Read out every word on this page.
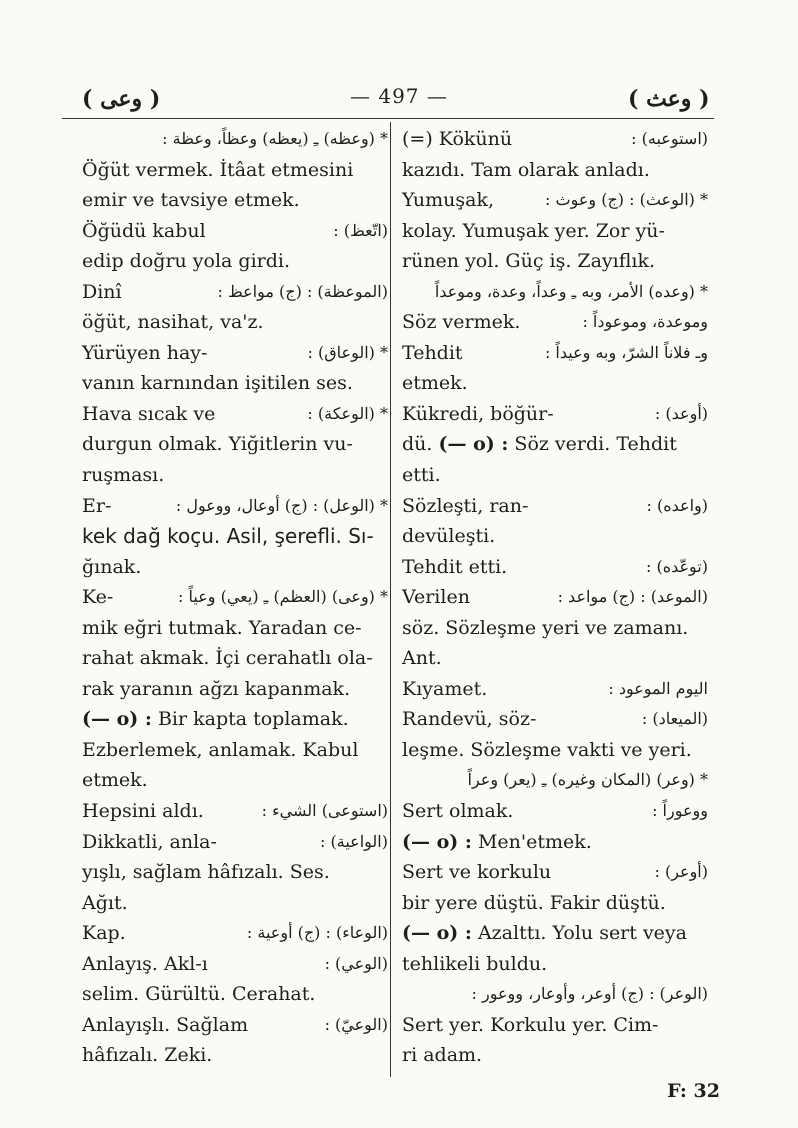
( وعى )	— 497 —	( وعث )
* (وعظه) ـِ (يعظه) وعظاً، وعظة :
Öğüt vermek. İtâat etmesini
emir ve tavsiye etmek.
Öğüdü kabul	(اتّعظ) :
edip doğru yola girdi.
Dinî	(الموعظة) : (ج) مواعظ :
öğüt, nasihat, va'z.
Yürüyen hay-	* (الوعاق) :
vanın karnından işitilen ses.
Hava sıcak ve	* (الوعكة) :
durgun olmak. Yiğitlerin vu-
ruşması.
Er-	* (الوعل) : (ج) أوعال، ووعول :
kek dağ koçu. Asil, şerefli. Sı-
ğınak.
Ke-	* (وعى) (العظم) ـِ (يعي) وعياً :
mik eğri tutmak. Yaradan ce-
rahat akmak. İçi cerahatlı ola-
rak yaranın ağzı kapanmak.
(— o) : Bir kapta toplamak.
Ezberlemek, anlamak. Kabul
etmek.
Hepsini aldı.	(استوعى) الشيء :
Dikkatli, anla-	(الواعية) :
yışlı, sağlam hâfızalı. Ses.
Ağıt.
Kap.	(الوعاء) : (ج) أوعية :
Anlayış. Akl-ı	(الوعي) :
selim. Gürültü. Cerahat.
Anlayışlı. Sağlam	(الوعيّ) :
hâfızalı. Zeki.
(=) Kökünü	(استوعبه) :
kazıdı. Tam olarak anladı.
Yumuşak,	* (الوعث) : (ج) وعوث :
kolay. Yumuşak yer. Zor yü-
rünen yol. Güç iş. Zayıflık.
* (وعده) الأمر، وبه ـِ وعداً، وعدة، وموعداً
Söz vermek.	وموعدة، وموعوداً :
Tehdit	وـ فلاناً الشرّ، وبه وعيداً :
etmek.
Kükredi, böğür-	(أوعد) :
dü. (— o) : Söz verdi. Tehdit
etti.
Sözleşti, ran-	(واعده) :
devüleşti.
Tehdit etti.	(توعّده) :
Verilen	(الموعد) : (ج) مواعد :
söz. Sözleşme yeri ve zamanı.
Ant.
Kıyamet.	اليوم الموعود :
Randevü, söz-	(الميعاد) :
leşme. Sözleşme vakti ve yeri.
* (وعر) (المكان وغيره) ـِ (يعر) وعراً
Sert olmak.	ووعوراً :
(— o) : Men'etmek.
Sert ve korkulu	(أوعر) :
bir yere düştü. Fakir düştü.
(— o) : Azalttı. Yolu sert veya
tehlikeli buldu.
(الوعر) : (ج) أوعر، وأوعار، ووعور :
Sert yer. Korkulu yer. Cim-
ri adam.
F: 32
